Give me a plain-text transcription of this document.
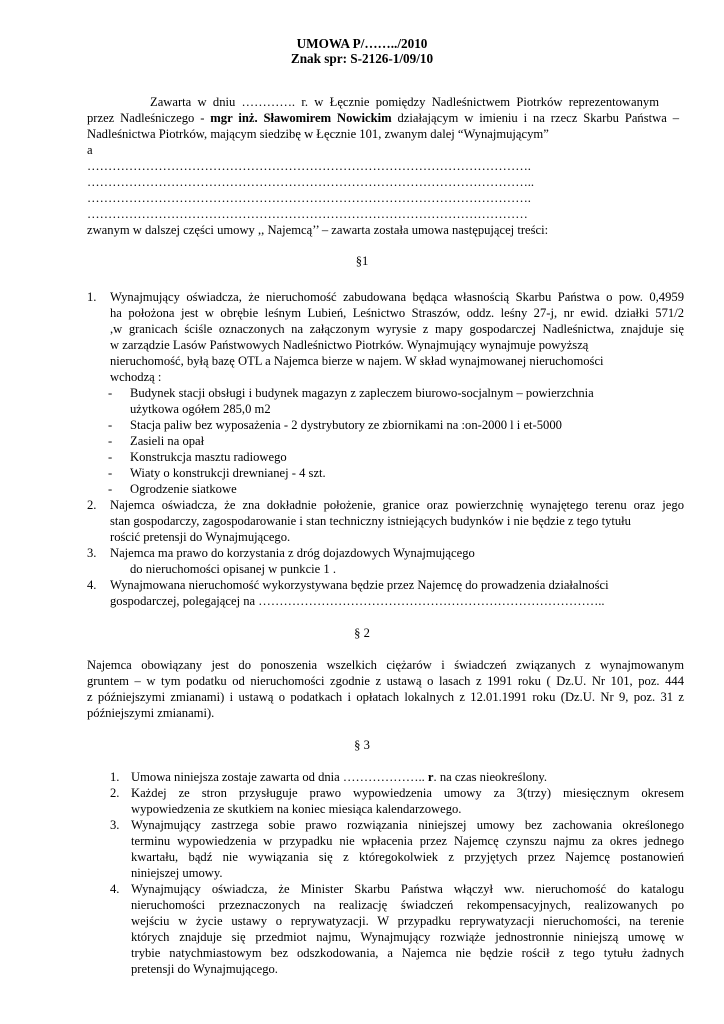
UMOWA P/……../2010
Znak spr: S-2126-1/09/10
Zawarta w dniu …………. r. w Łęcznie pomiędzy Nadleśnictwem Piotrków reprezentowanym
przez Nadleśniczego - mgr inż. Sławomirem Nowickim działającym w imieniu i na rzecz Skarbu Państwa –
Nadleśnictwa Piotrków, mającym siedzibę w Łęcznie 101, zwanym dalej “Wynajmującym”
a
…………………………………………………………………………………………….
……………………………………………………………………………………………..
…………………………………………………………………………………………….
……………………………………………………………………………………………
zwanym w dalszej części umowy ,, Najemcą’’ – zawarta została umowa następującej treści:
§1
1. Wynajmujący oświadcza, że nieruchomość zabudowana będąca własnością Skarbu Państwa o pow. 0,4959
ha położona jest w obrębie leśnym Lubień, Leśnictwo Straszów, oddz. leśny 27-j, nr ewid. działki 571/2
,w granicach ściśle oznaczonych na załączonym wyrysie z mapy gospodarczej Nadleśnictwa, znajduje się
w zarządzie Lasów Państwowych Nadleśnictwo Piotrków. Wynajmujący wynajmuje powyższą
nieruchomość, byłą bazę OTL a Najemca bierze w najem. W skład wynajmowanej nieruchomości
wchodzą :
- Budynek stacji obsługi i budynek magazyn z zapleczem biurowo-socjalnym – powierzchnia
użytkowa ogółem 285,0 m2
- Stacja paliw bez wyposażenia - 2 dystrybutory ze zbiornikami na :on-2000 l i et-5000
- Zasieli na opał
- Konstrukcja masztu radiowego
- Wiaty o konstrukcji drewnianej - 4 szt.
- Ogrodzenie siatkowe
2. Najemca oświadcza, że zna dokładnie położenie, granice oraz powierzchnię wynajętego terenu oraz jego
stan gospodarczy, zagospodarowanie i stan techniczny istniejących budynków i nie będzie z tego tytułu
rościć pretensji do Wynajmującego.
3. Najemca ma prawo do korzystania z dróg dojazdowych Wynajmującego
do nieruchomości opisanej w punkcie 1 .
4. Wynajmowana nieruchomość wykorzystywana będzie przez Najemcę do prowadzenia działalności
gospodarczej, polegającej na ………………………………………………………………………..
§ 2
Najemca obowiązany jest do ponoszenia wszelkich ciężarów i świadczeń związanych z wynajmowanym
gruntem – w tym podatku od nieruchomości zgodnie z ustawą o lasach z 1991 roku ( Dz.U. Nr 101, poz. 444
z późniejszymi zmianami) i ustawą o podatkach i opłatach lokalnych z 12.01.1991 roku (Dz.U. Nr 9, poz. 31 z
późniejszymi zmianami).
§ 3
1. Umowa niniejsza zostaje zawarta od dnia ……………….. r. na czas nieokreślony.
2. Każdej ze stron przysługuje prawo wypowiedzenia umowy za 3(trzy) miesięcznym okresem
wypowiedzenia ze skutkiem na koniec miesiąca kalendarzowego.
3. Wynajmujący zastrzega sobie prawo rozwiązania niniejszej umowy bez zachowania określonego
terminu wypowiedzenia w przypadku nie wpłacenia przez Najemcę czynszu najmu za okres jednego
kwartału, bądź nie wywiązania się z któregokolwiek z przyjętych przez Najemcę postanowień
niniejszej umowy.
4. Wynajmujący oświadcza, że Minister Skarbu Państwa włączył ww. nieruchomość do katalogu
nieruchomości przeznaczonych na realizację świadczeń rekompensacyjnych, realizowanych po
wejściu w życie ustawy o reprywatyzacji. W przypadku reprywatyzacji nieruchomości, na terenie
których znajduje się przedmiot najmu, Wynajmujący rozwiąże jednostronnie niniejszą umowę w
trybie natychmiastowym bez odszkodowania, a Najemca nie będzie rościł z tego tytułu żadnych
pretensji do Wynajmującego.
